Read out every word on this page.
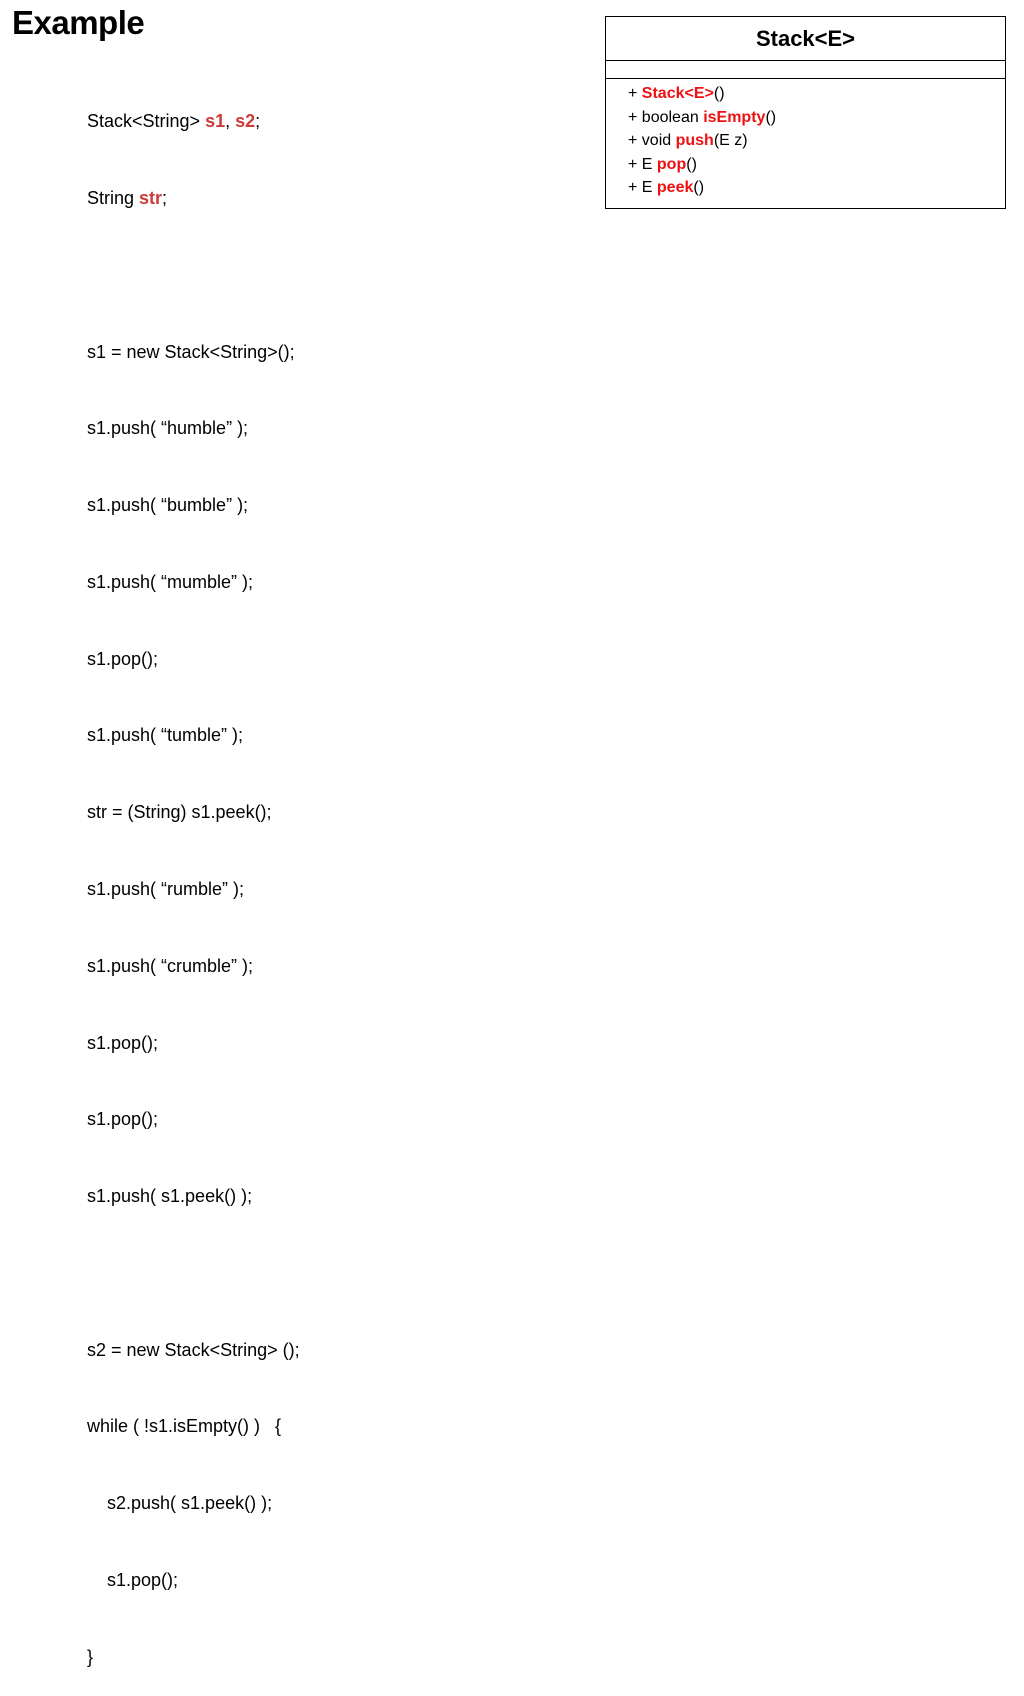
Example

Stack<String> s1, s2;

String str;

s1 = new Stack<String>();

s1.push( “humble” );

s1.push( “bumble” );

s1.push( “mumble” );

s1.pop();

s1.push( “tumble” );

str = (String) s1.peek();

s1.push( “rumble” );

s1.push( “crumble” );

s1.pop();

s1.pop();

s1.push( s1.peek() );

s2 = new Stack<String> ();

while ( !s1.isEmpty() )   {

s2.push( s1.peek() );

s1.pop();

}

Stack<E>
+ Stack<E>()
+ boolean isEmpty()
+ void push(E z)
+ E pop()
+ E peek()
